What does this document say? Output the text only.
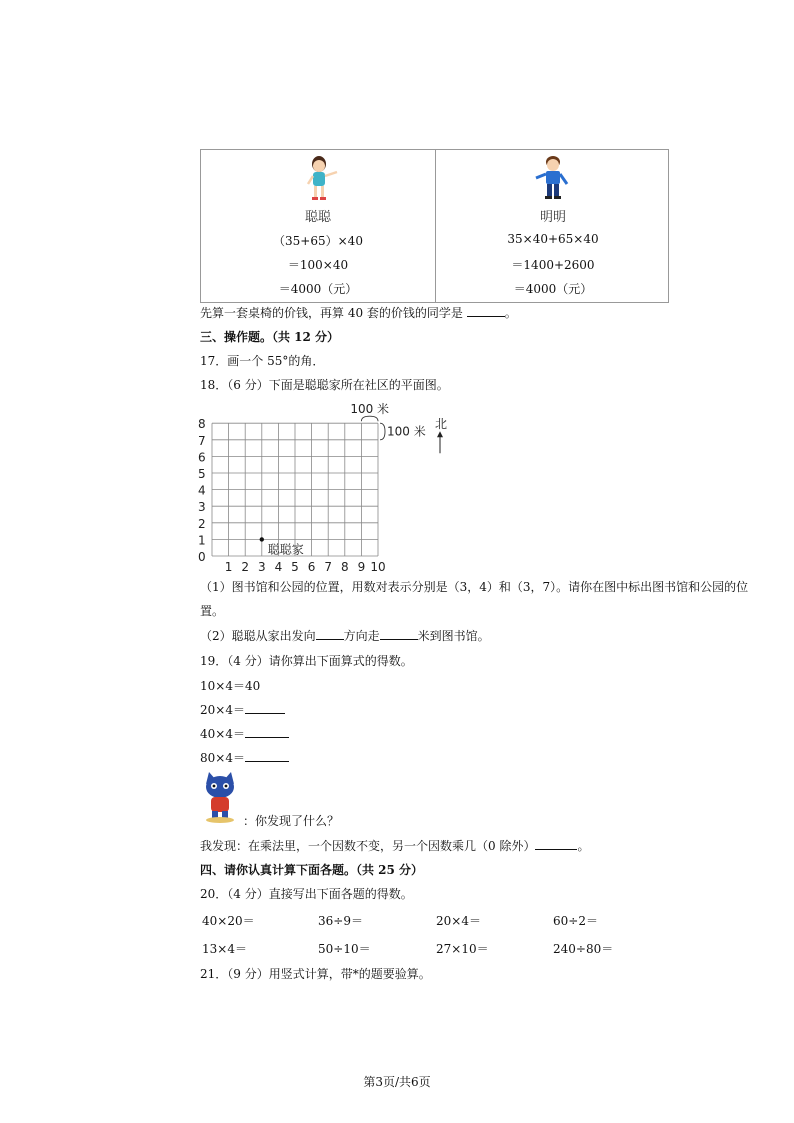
聪聪
（35+65）×40
＝100×40
＝4000（元）
明明
35×40+65×40
＝1400+2600
＝4000（元）
先算一套桌椅的价钱，再算 40 套的价钱的同学是	。
三、操作题。（共 12 分）
17．画一个 55°的角．
18．（6 分）下面是聪聪家所在社区的平面图。
8
7
6
5
4
3
2
1
0
1 2 3 4 5 6 7 8 9 10
100 米
100 米
北
聪聪家
（1）图书馆和公园的位置，用数对表示分别是（3，4）和（3，7）。请你在图中标出图书馆和公园的位
置。
（2）聪聪从家出发向 方向走	米到图书馆。
19．（4 分）请你算出下面算式的得数。
10×4＝40
20×4＝
40×4＝
80×4＝
：你发现了什么？
我发现：在乘法里，一个因数不变，另一个因数乘几（0 除外）	。
四、请你认真计算下面各题。（共 25 分）
20．（4 分）直接写出下面各题的得数。
40×20＝	36÷9＝	20×4＝	60÷2＝
13×4＝	50÷10＝	27×10＝	240÷80＝
21．（9 分）用竖式计算，带*的题要验算。
第3页/共6页
